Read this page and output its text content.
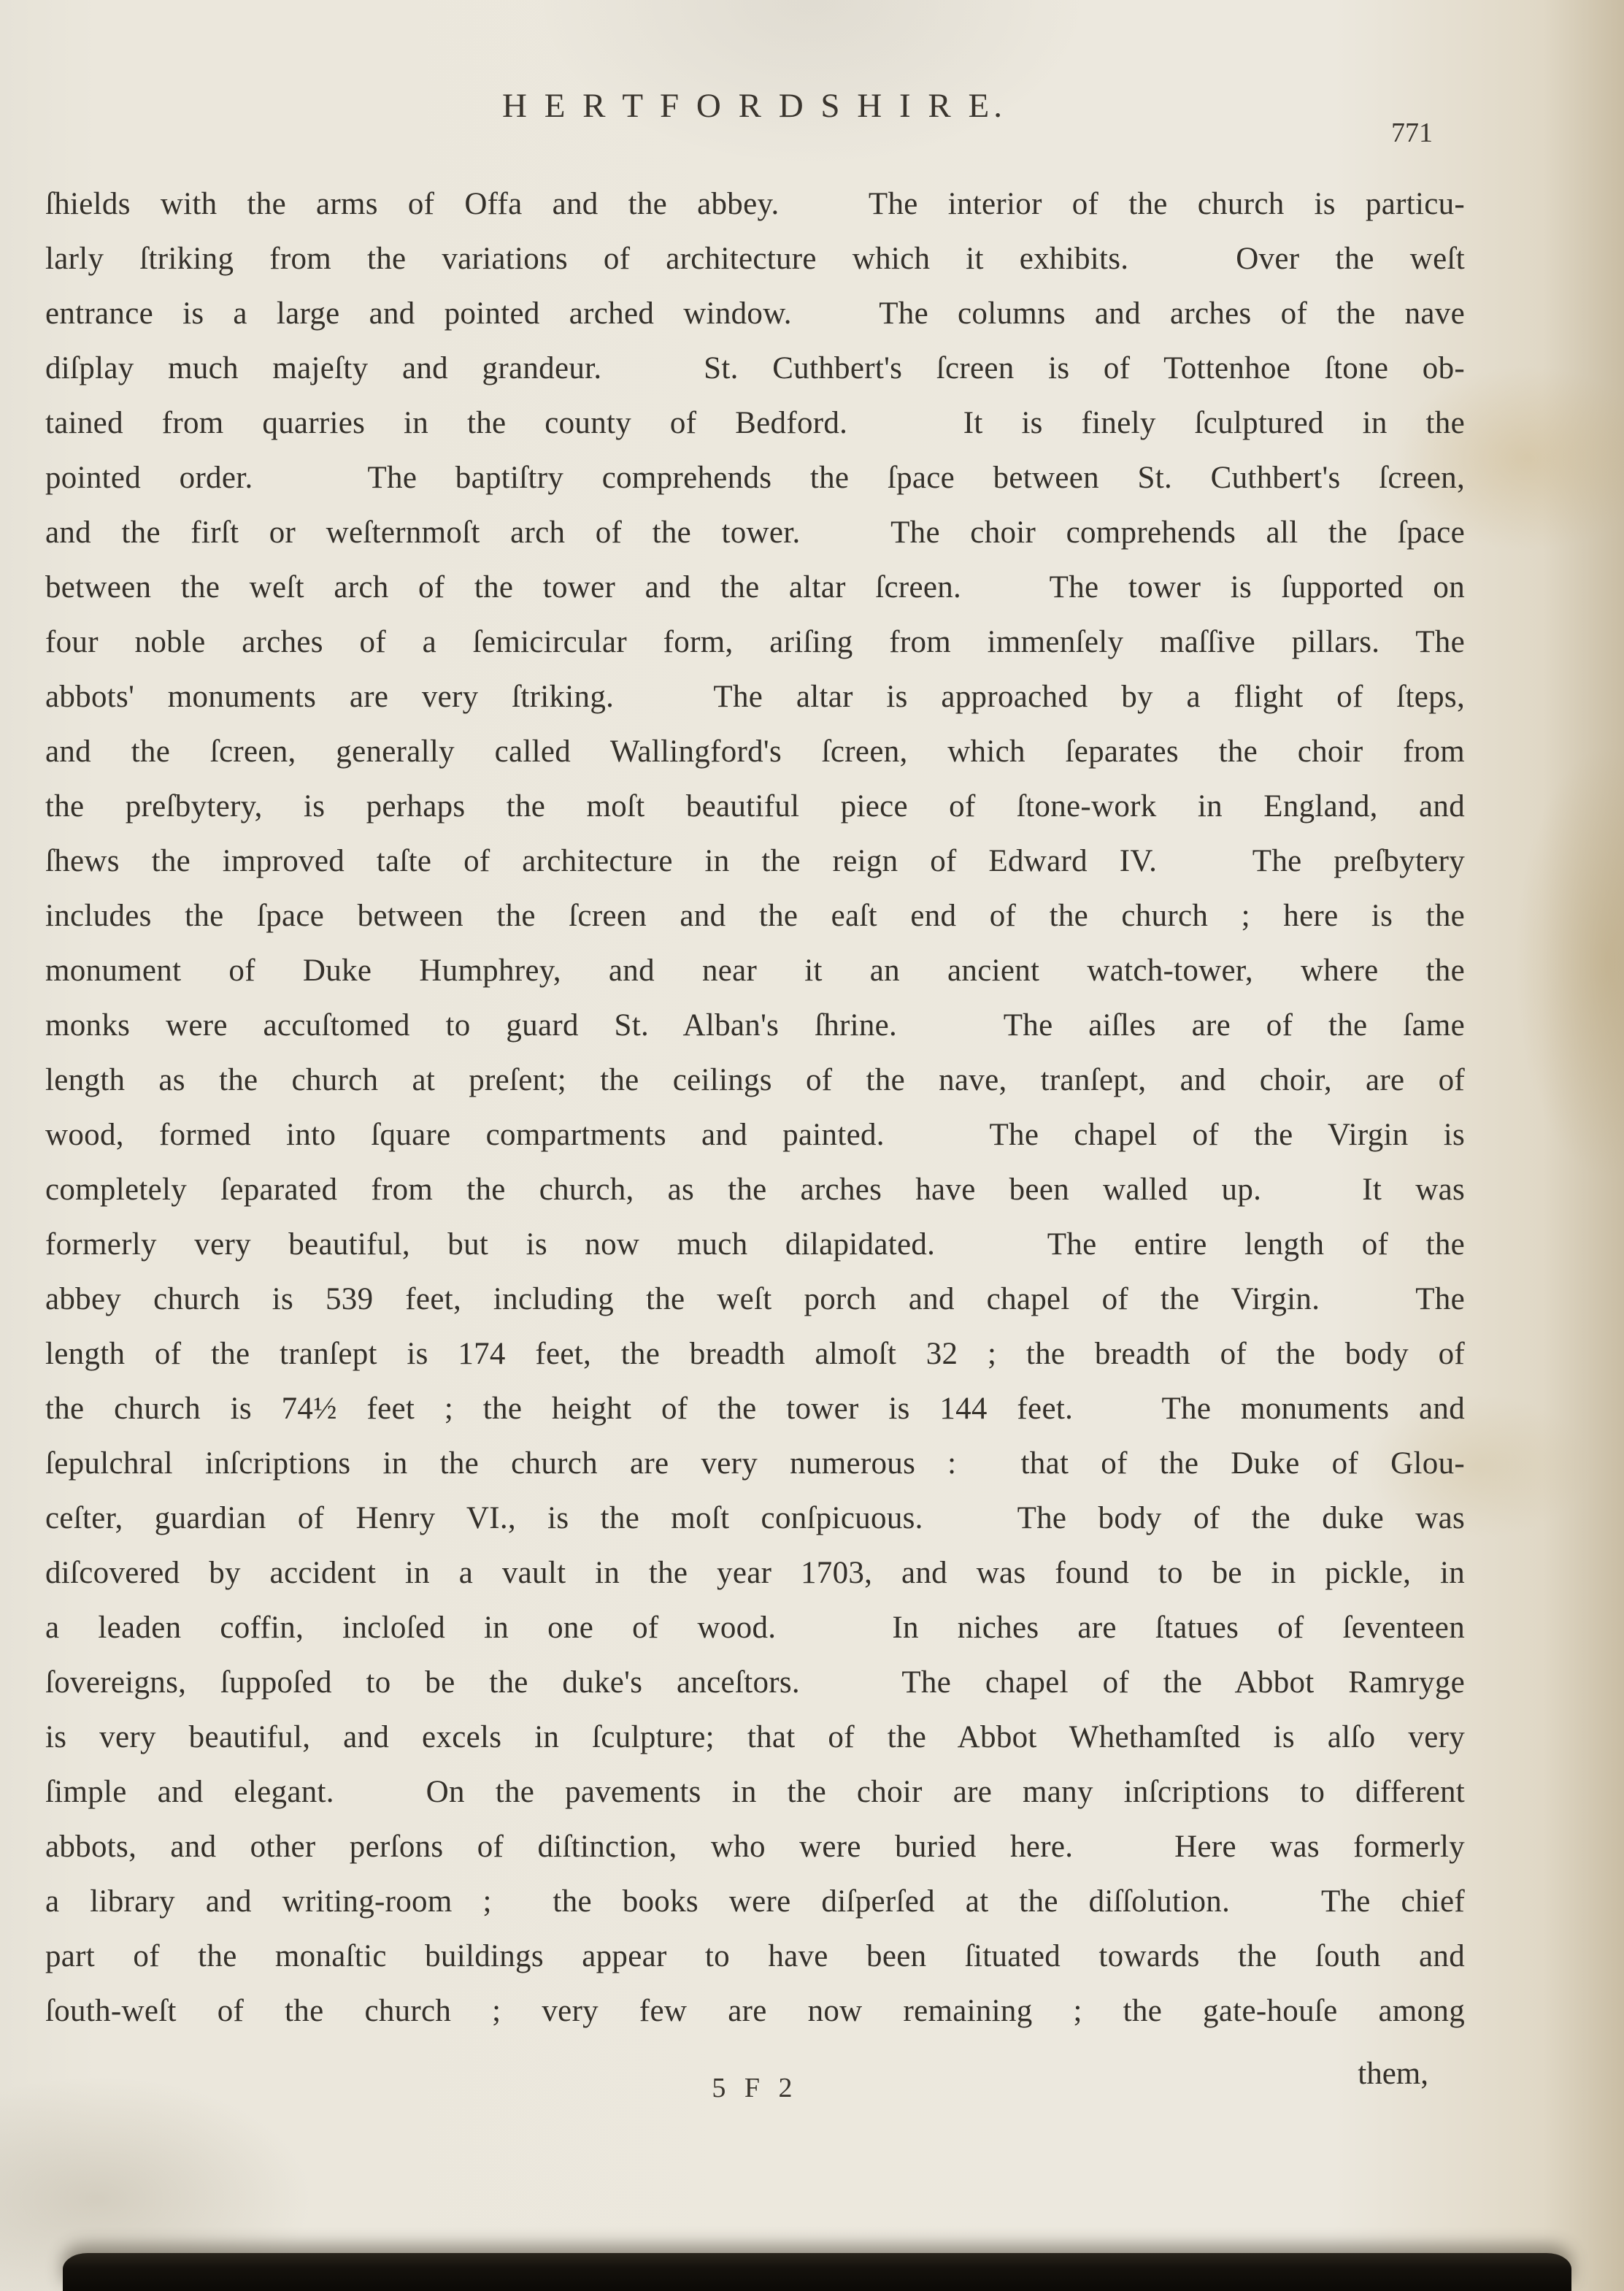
H E R T F O R D S H I R E.
771
ſhields with the arms of Offa and the abbey.   The interior of the church is particu-
larly ſtriking from the variations of architecture which it exhibits.   Over the weſt
entrance is a large and pointed arched window.   The columns and arches of the nave
diſplay much majeſty and grandeur.   St. Cuthbert's ſcreen is of Tottenhoe ſtone ob-
tained from quarries in the county of Bedford.   It is finely ſculptured in the
pointed order.   The baptiſtry comprehends the ſpace between St. Cuthbert's ſcreen,
and the firſt or weſternmoſt arch of the tower.   The choir comprehends all the ſpace
between the weſt arch of the tower and the altar ſcreen.   The tower is ſupported on
four noble arches of a ſemicircular form, ariſing from immenſely maſſive pillars. The
abbots' monuments are very ſtriking.   The altar is approached by a flight of ſteps,
and the ſcreen, generally called Wallingford's ſcreen, which ſeparates the choir from
the preſbytery, is perhaps the moſt beautiful piece of ſtone-work in England, and
ſhews the improved taſte of architecture in the reign of Edward IV.   The preſbytery
includes the ſpace between the ſcreen and the eaſt end of the church ; here is the
monument of Duke Humphrey, and near it an ancient watch-tower, where the
monks were accuſtomed to guard St. Alban's ſhrine.   The aiſles are of the ſame
length as the church at preſent; the ceilings of the nave, tranſept, and choir, are of
wood, formed into ſquare compartments and painted.   The chapel of the Virgin is
completely ſeparated from the church, as the arches have been walled up.   It was
formerly very beautiful, but is now much dilapidated.   The entire length of the
abbey church is 539 feet, including the weſt porch and chapel of the Virgin.   The
length of the tranſept is 174 feet, the breadth almoſt 32 ; the breadth of the body of
the church is 74½ feet ; the height of the tower is 144 feet.   The monuments and
ſepulchral inſcriptions in the church are very numerous :  that of the Duke of Glou-
ceſter, guardian of Henry VI., is the moſt conſpicuous.   The body of the duke was
diſcovered by accident in a vault in the year 1703, and was found to be in pickle, in
a leaden coffin, incloſed in one of wood.   In niches are ſtatues of ſeventeen
ſovereigns, ſuppoſed to be the duke's anceſtors.   The chapel of the Abbot Ramryge
is very beautiful, and excels in ſculpture; that of the Abbot Whethamſted is alſo very
ſimple and elegant.   On the pavements in the choir are many inſcriptions to different
abbots, and other perſons of diſtinction, who were buried here.   Here was formerly
a library and writing-room ;  the books were diſperſed at the diſſolution.   The chief
part of the monaſtic buildings appear to have been ſituated towards the ſouth and
ſouth-weſt of the church ; very few are now remaining ; the gate-houſe among
5 F 2	them,
